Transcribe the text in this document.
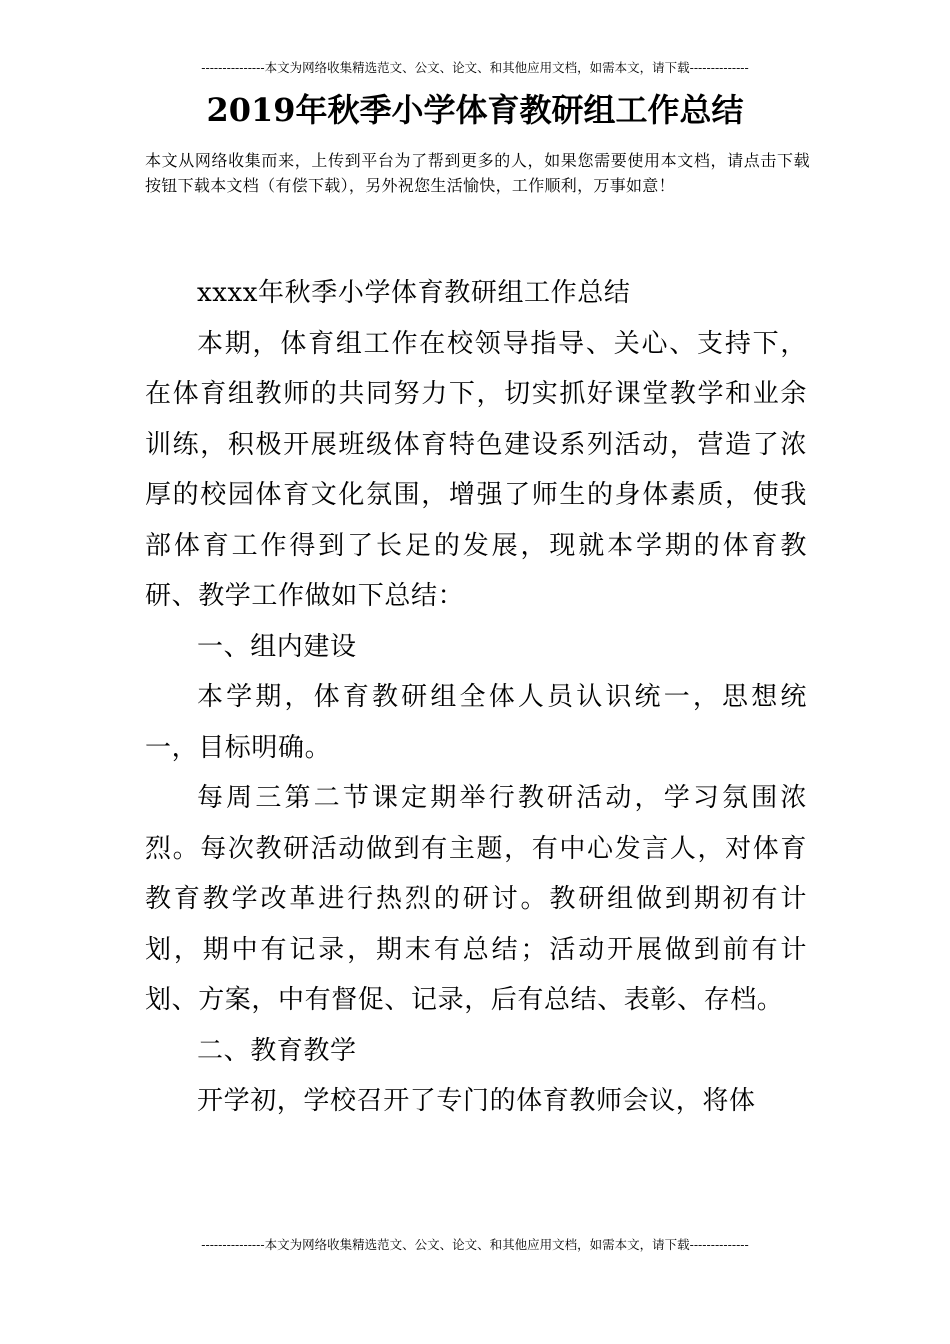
---------------本文为网络收集精选范文、公文、论文、和其他应用文档，如需本文，请下载--------------
2019年秋季小学体育教研组工作总结
本文从网络收集而来，上传到平台为了帮到更多的人，如果您需要使用本文档，请点击下载按钮下载本文档（有偿下载），另外祝您生活愉快，工作顺利，万事如意！

xxxx年秋季小学体育教研组工作总结

本期，体育组工作在校领导指导、关心、支持下，在体育组教师的共同努力下，切实抓好课堂教学和业余训练，积极开展班级体育特色建设系列活动，营造了浓厚的校园体育文化氛围，增强了师生的身体素质，使我部体育工作得到了长足的发展，现就本学期的体育教研、教学工作做如下总结：

一、组内建设

本学期，体育教研组全体人员认识统一，思想统一，目标明确。

每周三第二节课定期举行教研活动，学习氛围浓烈。每次教研活动做到有主题，有中心发言人，对体育教育教学改革进行热烈的研讨。教研组做到期初有计划，期中有记录，期末有总结；活动开展做到前有计划、方案，中有督促、记录，后有总结、表彰、存档。

二、教育教学

开学初，学校召开了专门的体育教师会议，将体

---------------本文为网络收集精选范文、公文、论文、和其他应用文档，如需本文，请下载--------------
